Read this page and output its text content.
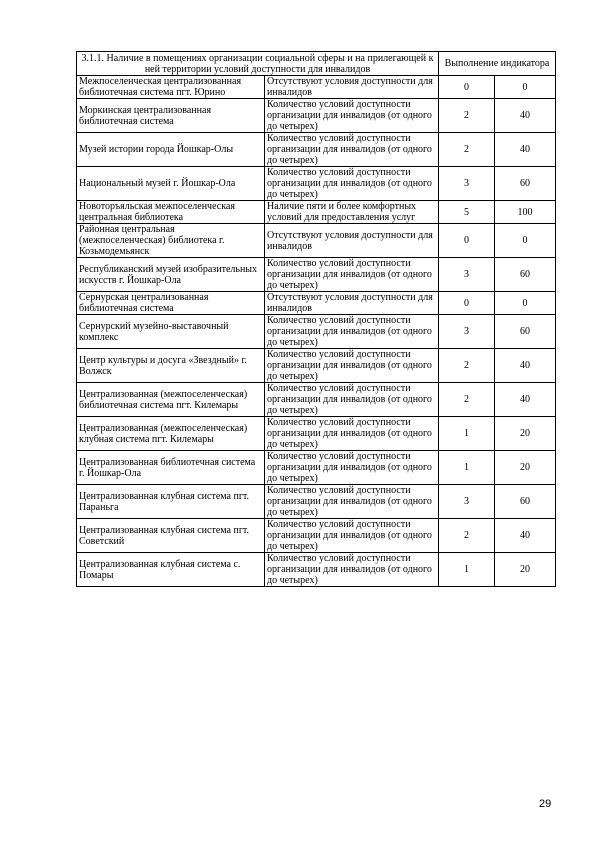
3.1.1. Наличие в помещениях организации социальной сферы и на прилегающей к ней территории условий доступности для инвалидов		Выполнение индикатора	
Межпоселенческая централизованная библиотечная система пгт. Юрино	Отсутствуют условия доступности для инвалидов	0	0
Моркинская централизованная библиотечная система	Количество условий доступности организации для инвалидов (от одного до четырех)	2	40
Музей истории города Йошкар-Олы	Количество условий доступности организации для инвалидов (от одного до четырех)	2	40
Национальный музей г. Йошкар-Ола	Количество условий доступности организации для инвалидов (от одного до четырех)	3	60
Новоторъяльская межпоселенческая центральная библиотека	Наличие пяти и более комфортных условий для предоставления услуг	5	100
Районная центральная (межпоселенческая) библиотека г. Козьмодемьянск	Отсутствуют условия доступности для инвалидов	0	0
Республиканский музей изобразительных искусств г. Йошкар-Ола	Количество условий доступности организации для инвалидов (от одного до четырех)	3	60
Сернурская централизованная библиотечная система	Отсутствуют условия доступности для инвалидов	0	0
Сернурский музейно-выставочный комплекс	Количество условий доступности организации для инвалидов (от одного до четырех)	3	60
Центр культуры и досуга «Звездный» г. Волжск	Количество условий доступности организации для инвалидов (от одного до четырех)	2	40
Централизованная (межпоселенческая) библиотечная система пгт. Килемары	Количество условий доступности организации для инвалидов (от одного до четырех)	2	40
Централизованная (межпоселенческая) клубная система пгт. Килемары	Количество условий доступности организации для инвалидов (от одного до четырех)	1	20
Централизованная библиотечная система г. Йошкар-Ола	Количество условий доступности организации для инвалидов (от одного до четырех)	1	20
Централизованная клубная система пгт. Параньга	Количество условий доступности организации для инвалидов (от одного до четырех)	3	60
Централизованная клубная система пгт. Советский	Количество условий доступности организации для инвалидов (от одного до четырех)	2	40
Централизованная клубная система с. Помары	Количество условий доступности организации для инвалидов (от одного до четырех)	1	20
29
